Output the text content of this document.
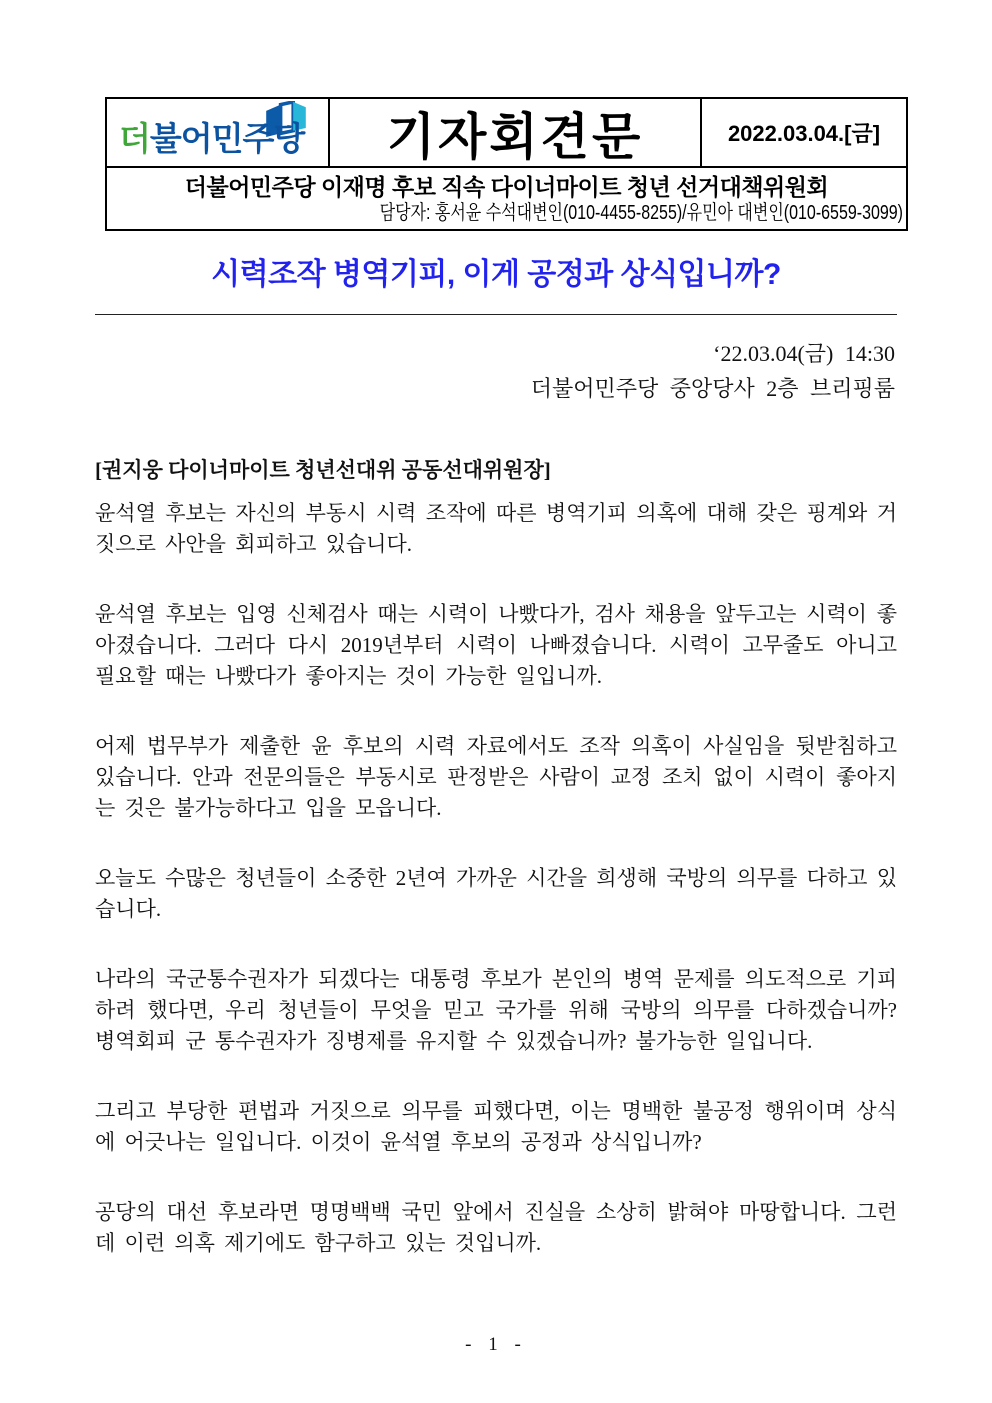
더불어민주당	기자회견문	2022.03.04.[금]
더불어민주당 이재명 후보 직속 다이너마이트 청년 선거대책위원회
담당자: 홍서윤 수석대변인(010-4455-8255)/유민아 대변인(010-6559-3099)
시력조작 병역기피, 이게 공정과 상식입니까?
‘22.03.04(금) 14:30
더불어민주당 중앙당사 2층 브리핑룸
[권지웅 다이너마이트 청년선대위 공동선대위원장]

윤석열 후보는 자신의 부동시 시력 조작에 따른 병역기피 의혹에 대해 갖은 핑계와 거짓으로 사안을 회피하고 있습니다.

윤석열 후보는 입영 신체검사 때는 시력이 나빴다가, 검사 채용을 앞두고는 시력이 좋아졌습니다. 그러다 다시 2019년부터 시력이 나빠졌습니다. 시력이 고무줄도 아니고 필요할 때는 나빴다가 좋아지는 것이 가능한 일입니까.

어제 법무부가 제출한 윤 후보의 시력 자료에서도 조작 의혹이 사실임을 뒷받침하고 있습니다. 안과 전문의들은 부동시로 판정받은 사람이 교정 조치 없이 시력이 좋아지는 것은 불가능하다고 입을 모읍니다.

오늘도 수많은 청년들이 소중한 2년여 가까운 시간을 희생해 국방의 의무를 다하고 있습니다.

나라의 국군통수권자가 되겠다는 대통령 후보가 본인의 병역 문제를 의도적으로 기피하려 했다면, 우리 청년들이 무엇을 믿고 국가를 위해 국방의 의무를 다하겠습니까? 병역회피 군 통수권자가 징병제를 유지할 수 있겠습니까? 불가능한 일입니다.

그리고 부당한 편법과 거짓으로 의무를 피했다면, 이는 명백한 불공정 행위이며 상식에 어긋나는 일입니다. 이것이 윤석열 후보의 공정과 상식입니까?

공당의 대선 후보라면 명명백백 국민 앞에서 진실을 소상히 밝혀야 마땅합니다. 그런데 이런 의혹 제기에도 함구하고 있는 것입니까.

- 1 -
